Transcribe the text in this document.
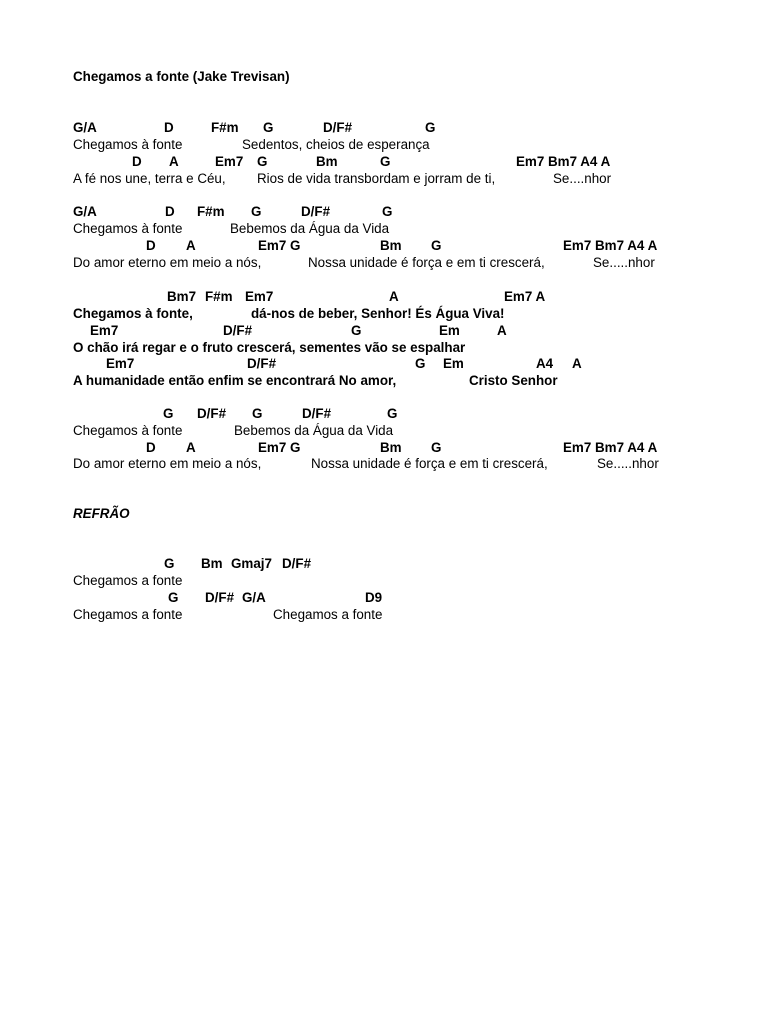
Chegamos a fonte (Jake Trevisan)
G/A	D	F#m G	D/F#	G
Chegamos à fonte	Sedentos, cheios de esperança
D A	Em7 G	Bm	G	Em7 Bm7 A4 A
A fé nos une, terra e Céu, Rios de vida transbordam e jorram de ti,	Se....nhor
G/A	D F#m G	D/F#	G
Chegamos à fonte	Bebemos da Água da Vida
D A	Em7 G	Bm G	Em7 Bm7 A4 A
Do amor eterno em meio a nós,	Nossa unidade é força e em ti crescerá,	Se.....nhor
Bm7 F#m Em7	A	Em7 A
Chegamos à fonte,	dá-nos de beber, Senhor! És Água Viva!
Em7	D/F#	G	Em	A
O chão irá regar e o fruto crescerá, sementes vão se espalhar
Em7	D/F#	G Em	A4 A
A humanidade então enfim se encontrará No amor,	Cristo Senhor
G D/F# G	D/F#	G
Chegamos à fonte	Bebemos da Água da Vida
D A	Em7 G	Bm G	Em7 Bm7 A4 A
Do amor eterno em meio a nós,	Nossa unidade é força e em ti crescerá,	Se.....nhor
REFRÃO
G Bm Gmaj7 D/F#
Chegamos a fonte
G D/F# G/A	D9
Chegamos a fonte	Chegamos a fonte
